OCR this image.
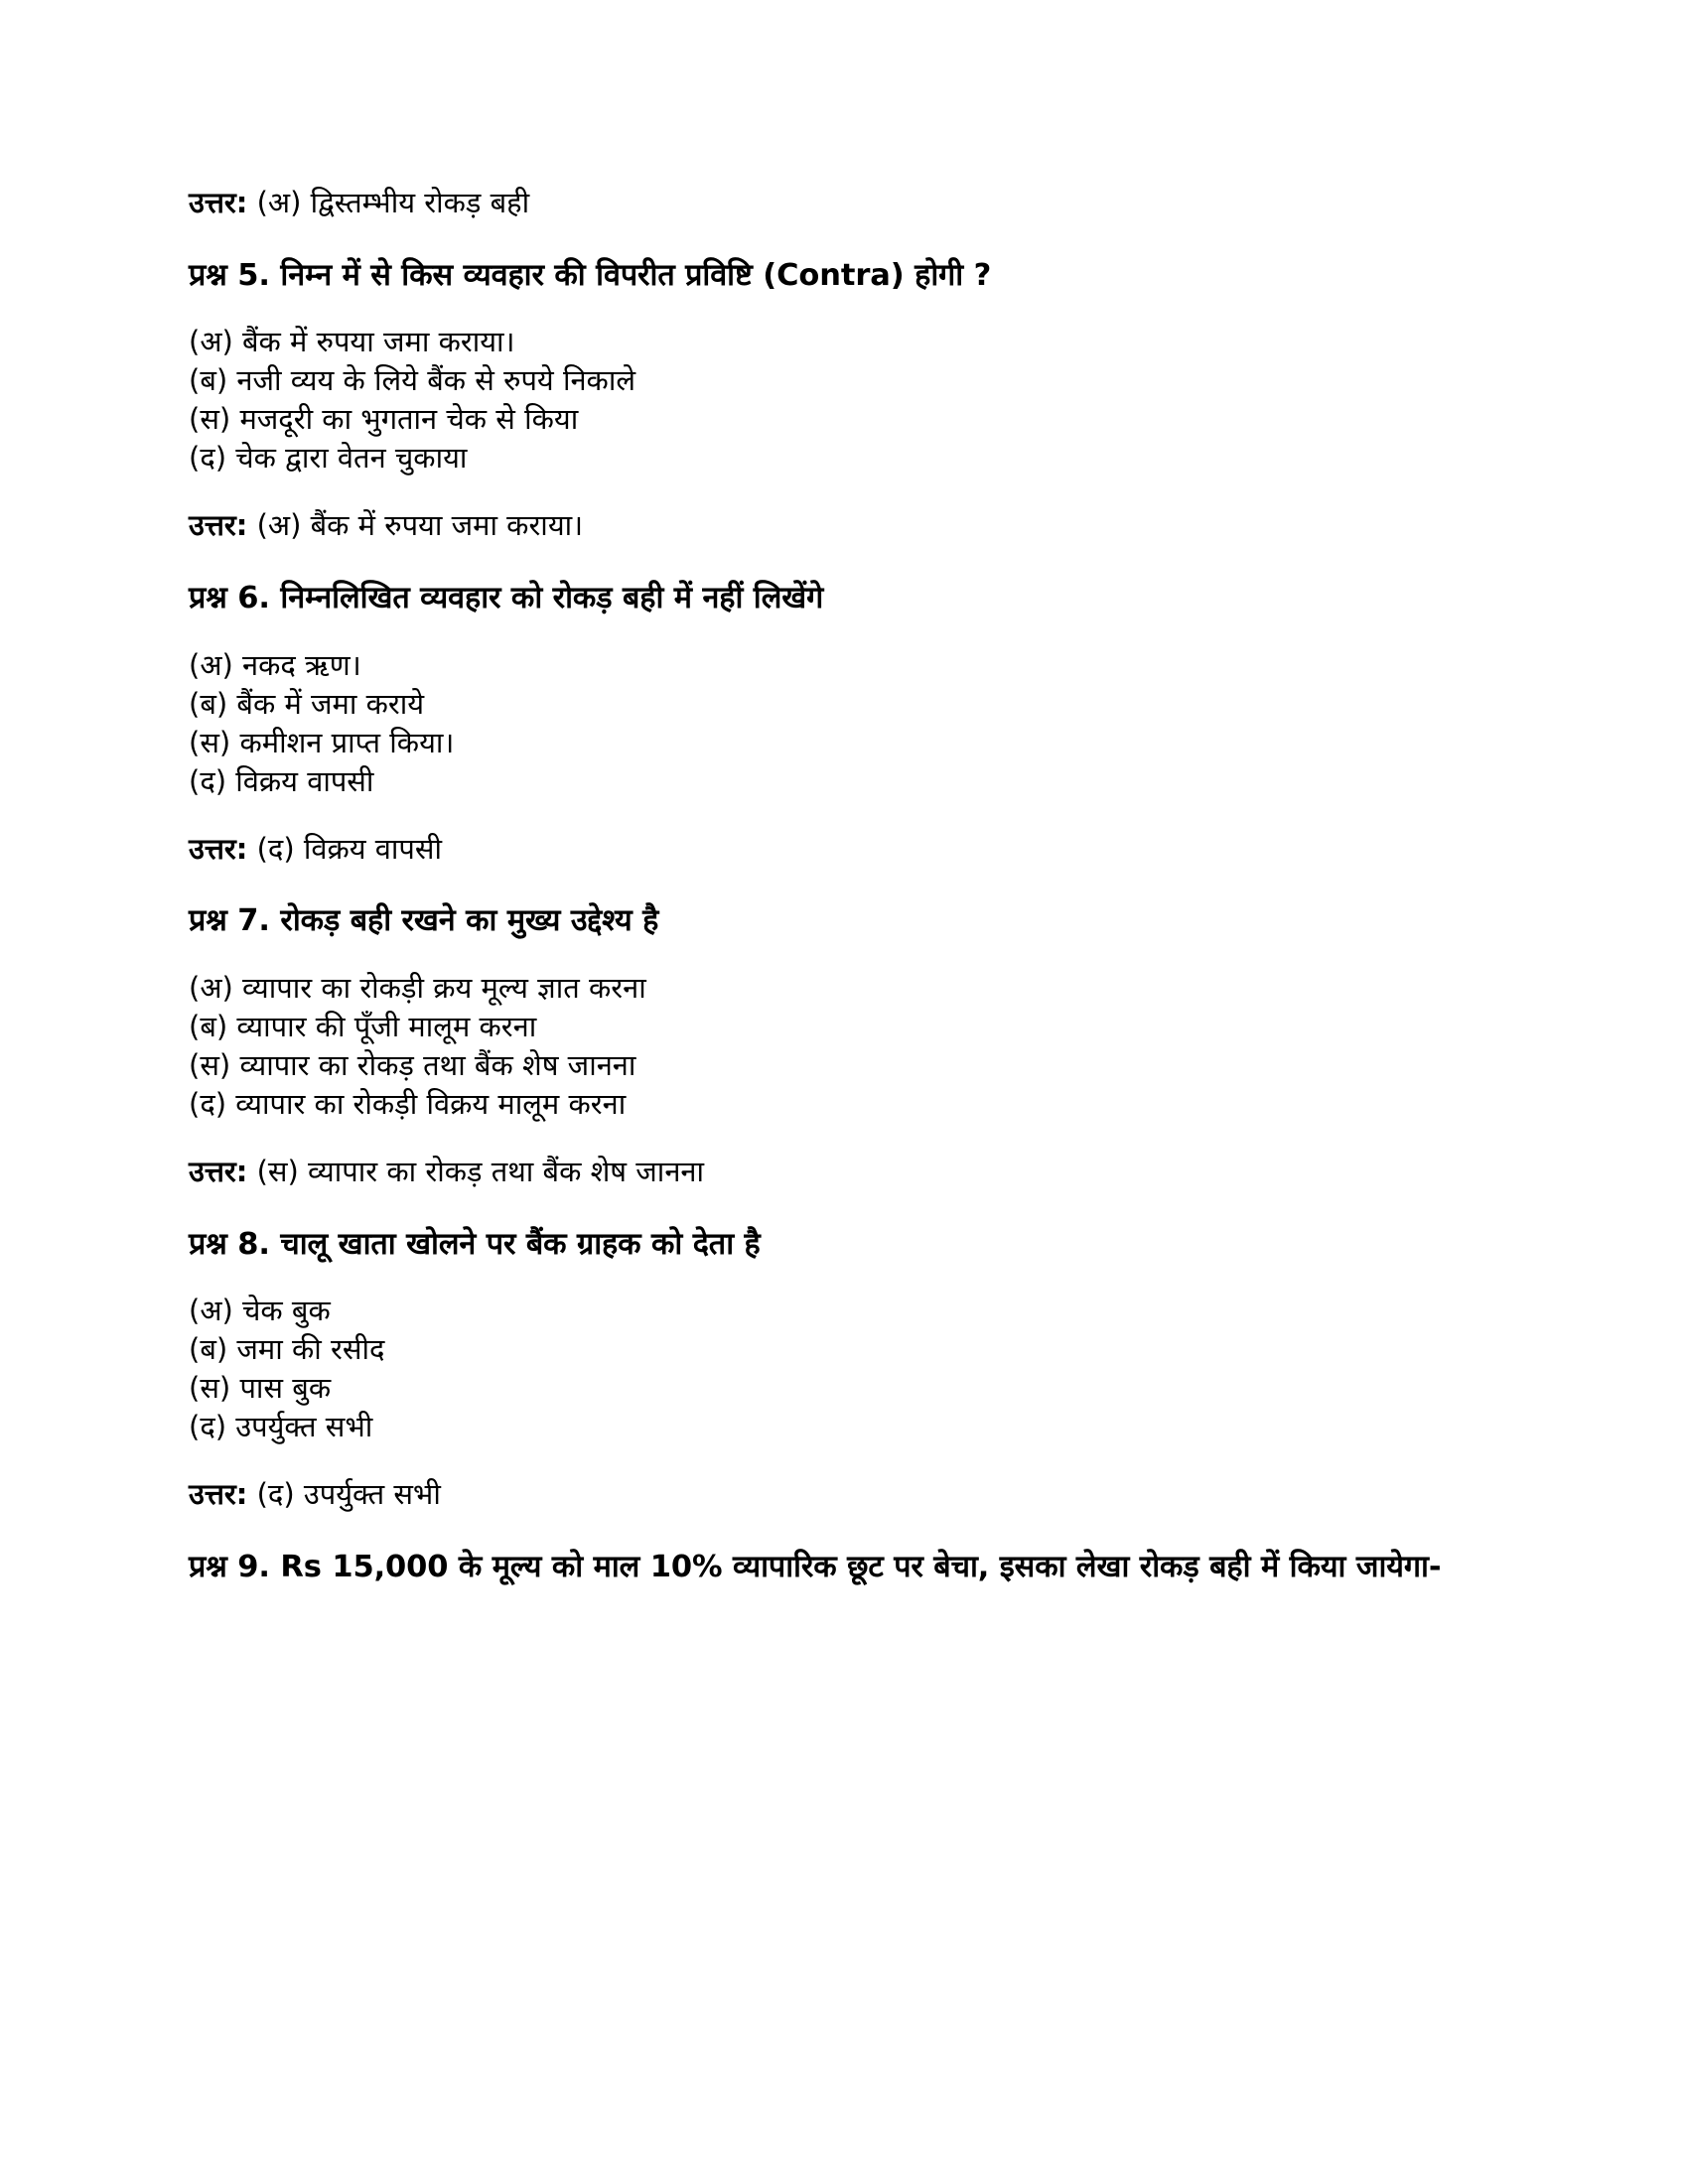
उत्तर: (अ) द्विस्तम्भीय रोकड़ बही

प्रश्न 5. निम्न में से किस व्यवहार की विपरीत प्रविष्टि (Contra) होगी ?

(अ) बैंक में रुपया जमा कराया।
(ब) नजी व्यय के लिये बैंक से रुपये निकाले
(स) मजदूरी का भुगतान चेक से किया
(द) चेक द्वारा वेतन चुकाया

उत्तर: (अ) बैंक में रुपया जमा कराया।

प्रश्न 6. निम्नलिखित व्यवहार को रोकड़ बही में नहीं लिखेंगे

(अ) नकद ऋण।
(ब) बैंक में जमा कराये
(स) कमीशन प्राप्त किया।
(द) विक्रय वापसी

उत्तर: (द) विक्रय वापसी

प्रश्न 7. रोकड़ बही रखने का मुख्य उद्देश्य है

(अ) व्यापार का रोकड़ी क्रय मूल्य ज्ञात करना
(ब) व्यापार की पूँजी मालूम करना
(स) व्यापार का रोकड़ तथा बैंक शेष जानना
(द) व्यापार का रोकड़ी विक्रय मालूम करना

उत्तर: (स) व्यापार का रोकड़ तथा बैंक शेष जानना

प्रश्न 8. चालू खाता खोलने पर बैंक ग्राहक को देता है

(अ) चेक बुक
(ब) जमा की रसीद
(स) पास बुक
(द) उपर्युक्त सभी

उत्तर: (द) उपर्युक्त सभी

प्रश्न 9. Rs 15,000 के मूल्य को माल 10% व्यापारिक छूट पर बेचा, इसका लेखा रोकड़ बही में किया जायेगा-
